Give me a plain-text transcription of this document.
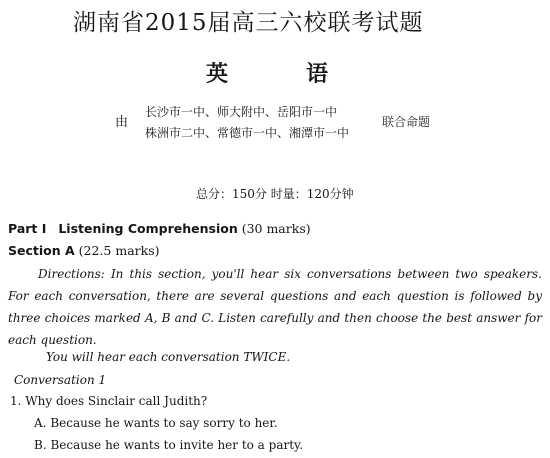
湖南省2015届高三六校联考试题
英	语
由
长沙市一中、师大附中、岳阳市一中
株洲市二中、常德市一中、湘潭市一中
联合命题
总分：150分 时量：120分钟
Part Ⅰ Listening Comprehension (30 marks)
Section A (22.5 marks)
Directions: In this section, you'll hear six conversations between two speakers. For each conversation, there are several questions and each question is followed by three choices marked A, B and C. Listen carefully and then choose the best answer for each question.
You will hear each conversation TWICE.
Conversation 1
1. Why does Sinclair call Judith?
A. Because he wants to say sorry to her.
B. Because he wants to invite her to a party.
